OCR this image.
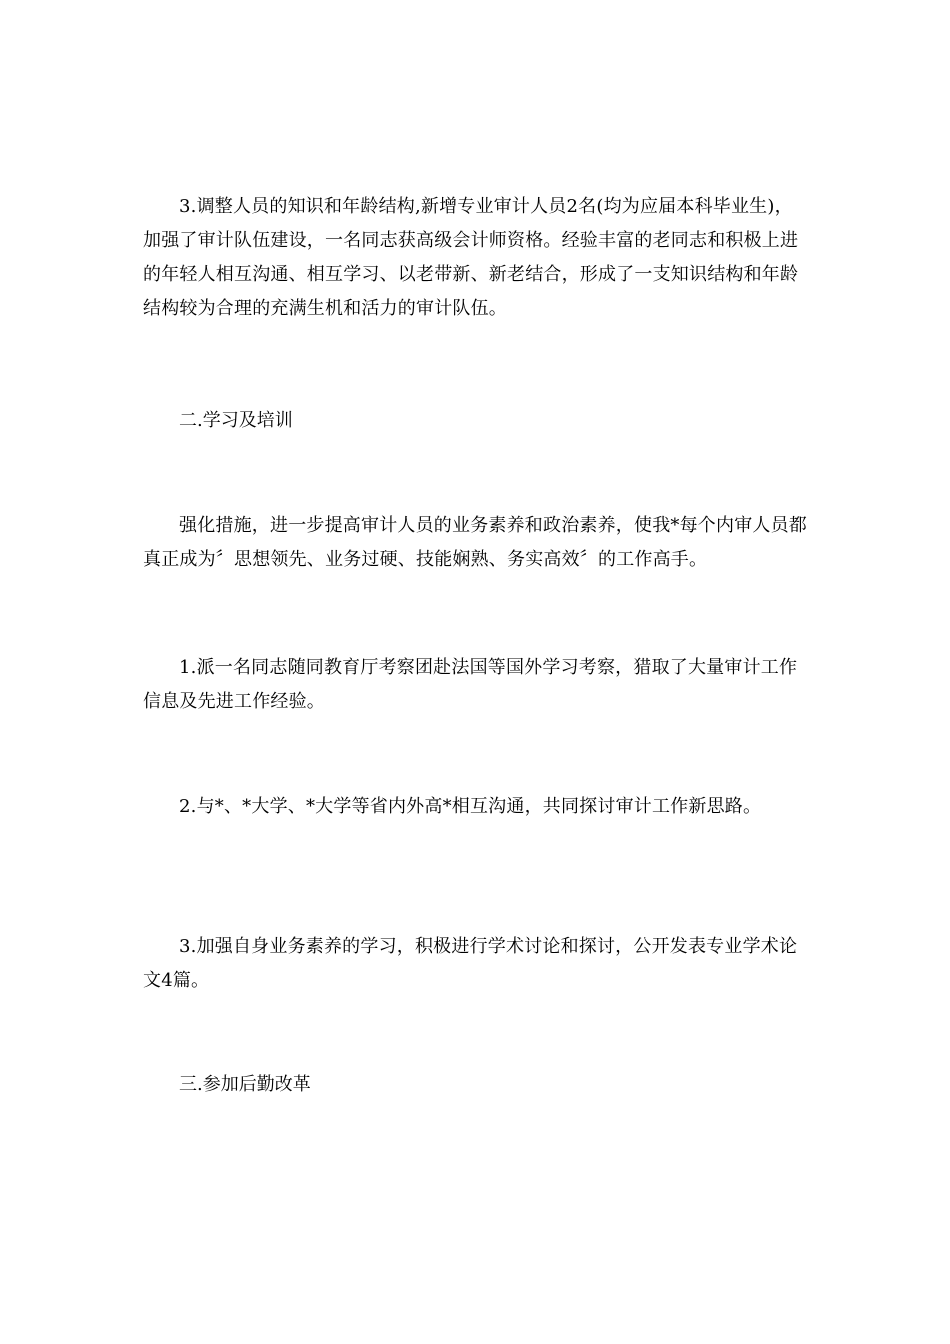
3.调整人员的知识和年龄结构,新增专业审计人员2名(均为应届本科毕业生)，加强了审计队伍建设，一名同志获高级会计师资格。经验丰富的老同志和积极上进的年轻人相互沟通、相互学习、以老带新、新老结合，形成了一支知识结构和年龄结构较为合理的充满生机和活力的审计队伍。

二.学习及培训

强化措施，进一步提高审计人员的业务素养和政治素养，使我*每个内审人员都真正成为〞思想领先、业务过硬、技能娴熟、务实高效〞的工作高手。

1.派一名同志随同教育厅考察团赴法国等国外学习考察，猎取了大量审计工作信息及先进工作经验。

2.与*、*大学、*大学等省内外高*相互沟通，共同探讨审计工作新思路。

3.加强自身业务素养的学习，积极进行学术讨论和探讨，公开发表专业学术论文4篇。

三.参加后勤改革
